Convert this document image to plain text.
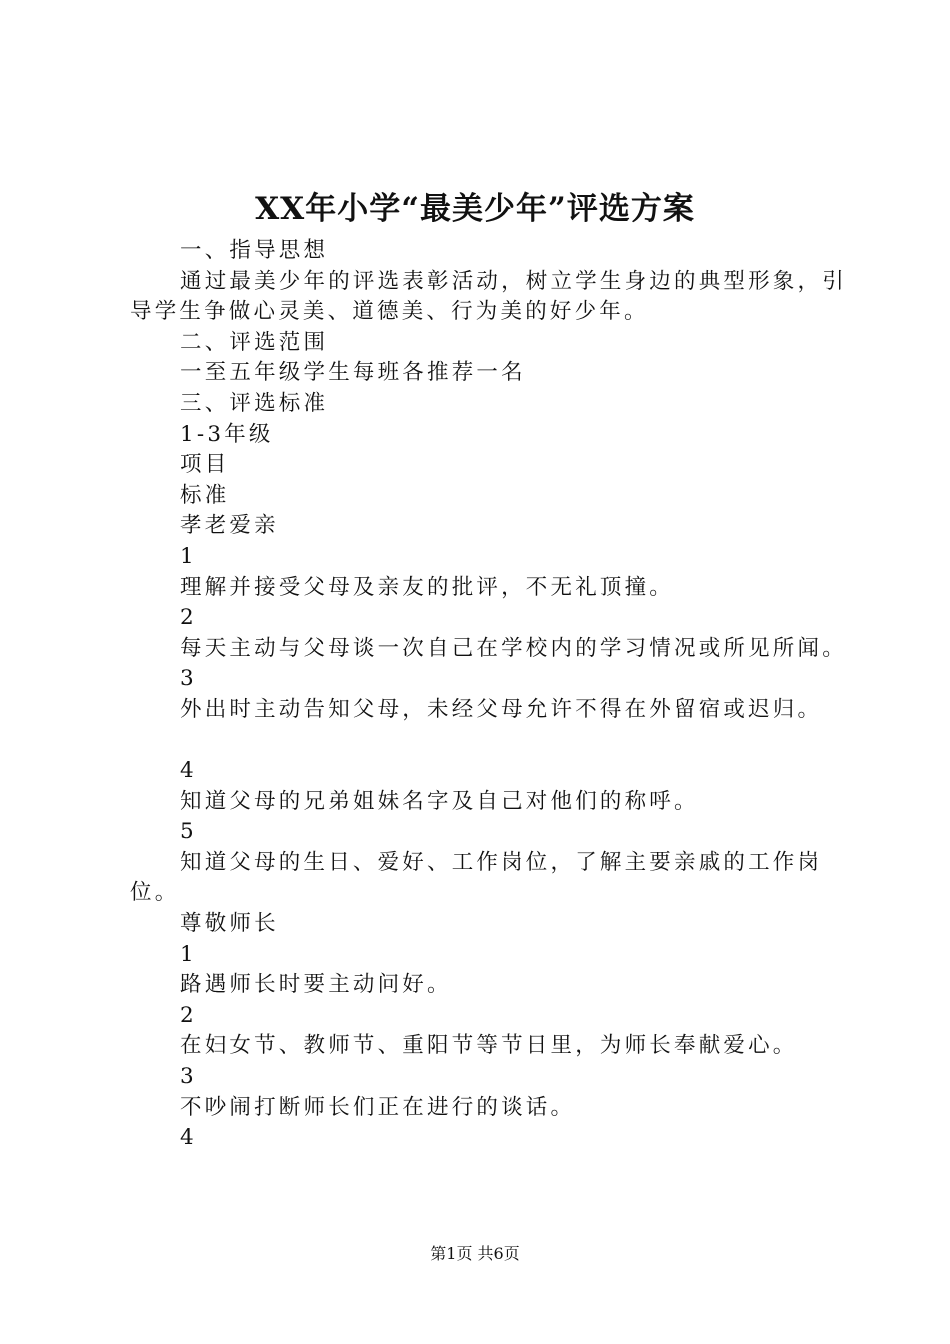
XX年小学“最美少年”评选方案
一、指导思想
通过最美少年的评选表彰活动，树立学生身边的典型形象，引导学生争做心灵美、道德美、行为美的好少年。
二、评选范围
一至五年级学生每班各推荐一名
三、评选标准
1-3年级
项目
标准
孝老爱亲
1
理解并接受父母及亲友的批评，不无礼顶撞。
2
每天主动与父母谈一次自己在学校内的学习情况或所见所闻。
3
外出时主动告知父母，未经父母允许不得在外留宿或迟归。
4
知道父母的兄弟姐妹名字及自己对他们的称呼。
5
知道父母的生日、爱好、工作岗位，了解主要亲戚的工作岗位。
尊敬师长
1
路遇师长时要主动问好。
2
在妇女节、教师节、重阳节等节日里，为师长奉献爱心。
3
不吵闹打断师长们正在进行的谈话。
4
第1页 共6页
